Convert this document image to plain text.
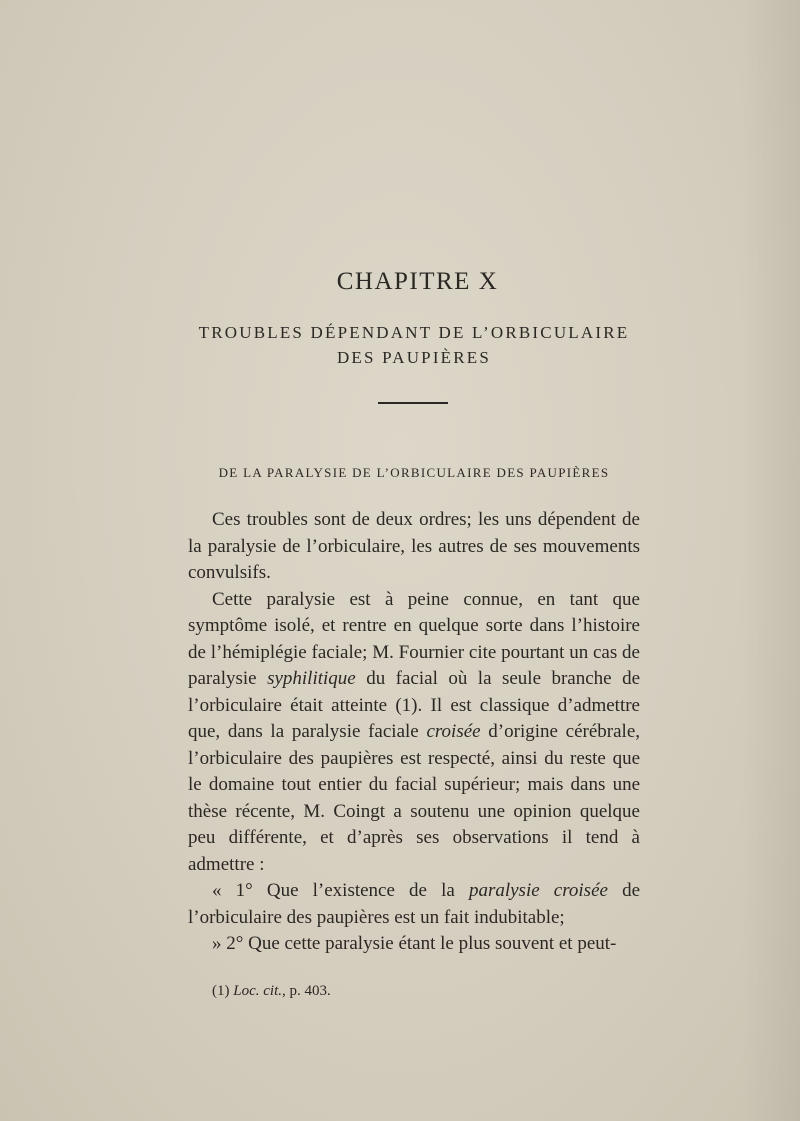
CHAPITRE X
TROUBLES DÉPENDANT DE L’ORBICULAIRE
DES PAUPIÈRES
DE LA PARALYSIE DE L’ORBICULAIRE DES PAUPIÈRES

Ces troubles sont de deux ordres; les uns dépendent de la paralysie de l’orbiculaire, les autres de ses mouvements convulsifs.

Cette paralysie est à peine connue, en tant que symptôme isolé, et rentre en quelque sorte dans l’histoire de l’hémiplégie faciale; M. Fournier cite pourtant un cas de paralysie syphilitique du facial où la seule branche de l’orbiculaire était atteinte (1). Il est classique d’admettre que, dans la paralysie faciale croisée d’origine cérébrale, l’orbiculaire des paupières est respecté, ainsi du reste que le domaine tout entier du facial supérieur; mais dans une thèse récente, M. Coingt a soutenu une opinion quelque peu différente, et d’après ses observations il tend à admettre :

« 1° Que l’existence de la paralysie croisée de l’orbiculaire des paupières est un fait indubitable;

» 2° Que cette paralysie étant le plus souvent et peut-

(1) Loc. cit., p. 403.
